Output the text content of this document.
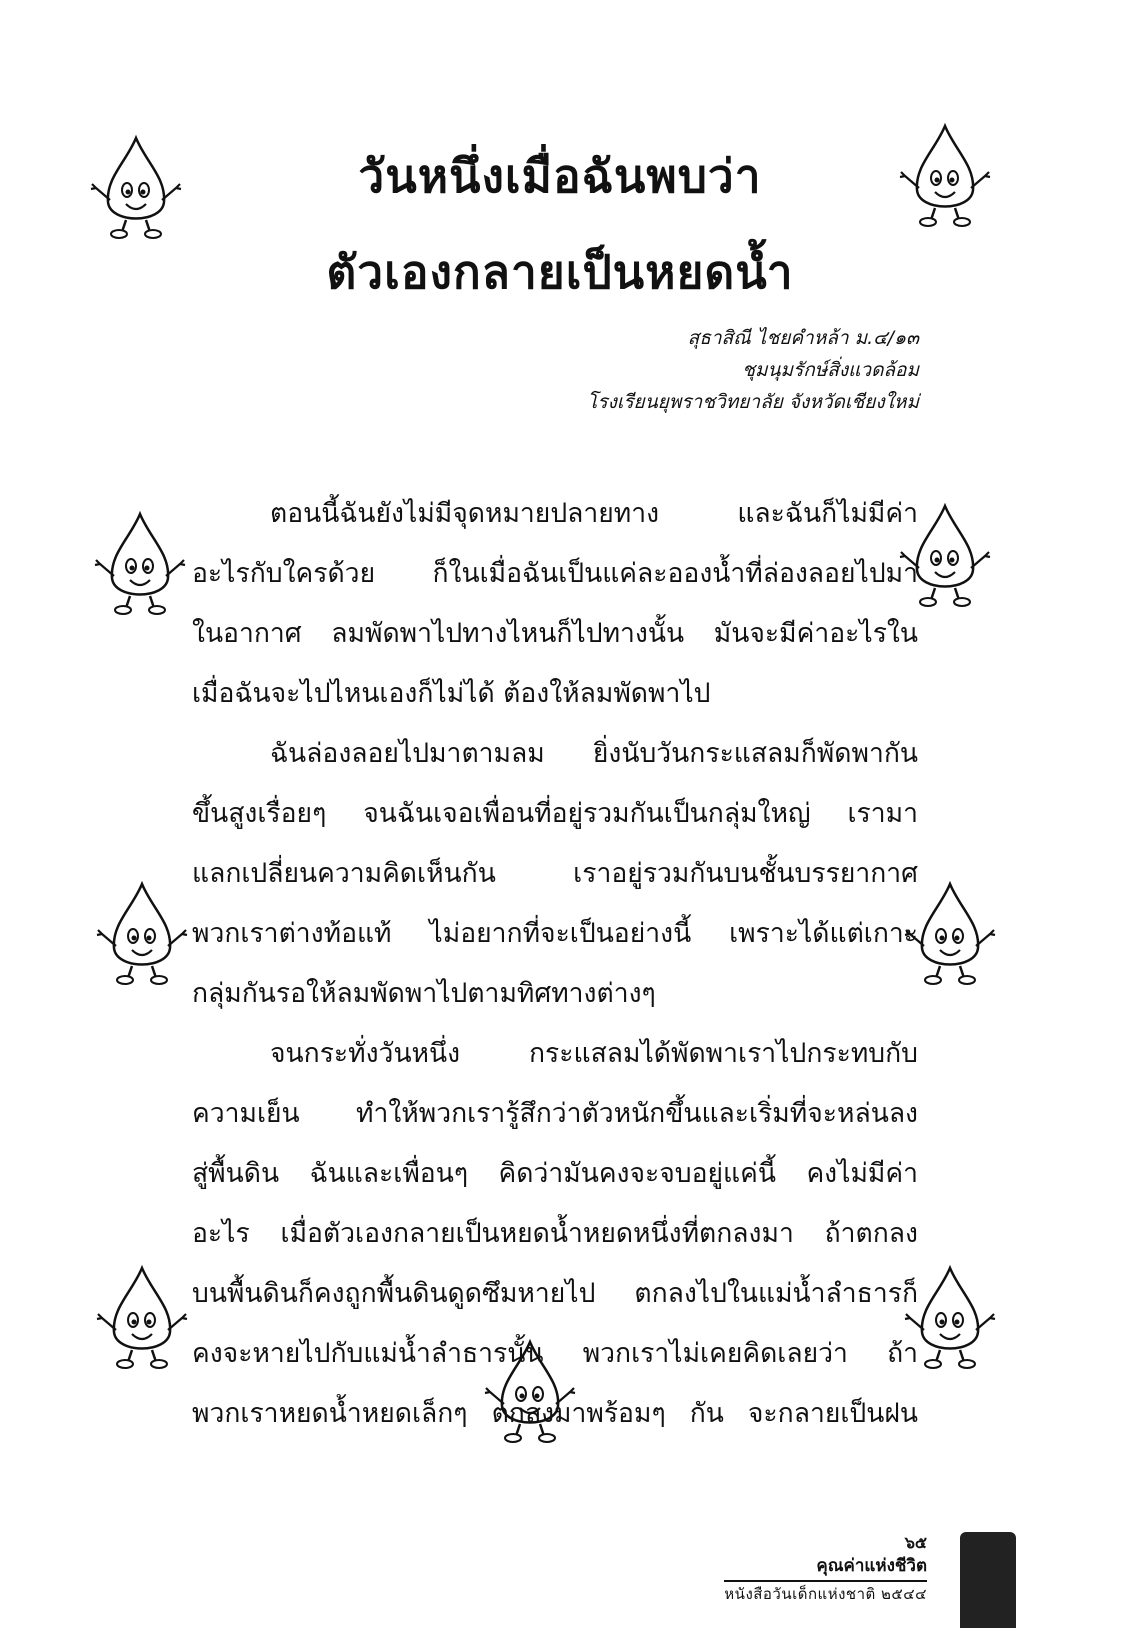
วันหนึ่งเมื่อฉันพบว่า
ตัวเองกลายเป็นหยดน้ำ
สุธาสิณี ไชยคำหล้า ม.๔/๑๓
ชุมนุมรักษ์สิ่งแวดล้อม
โรงเรียนยุพราชวิทยาลัย จังหวัดเชียงใหม่
ตอนนี้ฉันยังไม่มีจุดหมายปลายทาง และฉันก็ไม่มีค่า
อะไรกับใครด้วย ก็ในเมื่อฉันเป็นแค่ละอองน้ำที่ล่องลอยไปมา
ในอากาศ ลมพัดพาไปทางไหนก็ไปทางนั้น มันจะมีค่าอะไรใน
เมื่อฉันจะไปไหนเองก็ไม่ได้ ต้องให้ลมพัดพาไป
ฉันล่องลอยไปมาตามลม ยิ่งนับวันกระแสลมก็พัดพากัน
ขึ้นสูงเรื่อยๆ จนฉันเจอเพื่อนที่อยู่รวมกันเป็นกลุ่มใหญ่ เรามา
แลกเปลี่ยนความคิดเห็นกัน เราอยู่รวมกันบนชั้นบรรยากาศ
พวกเราต่างท้อแท้ ไม่อยากที่จะเป็นอย่างนี้ เพราะได้แต่เกาะ
กลุ่มกันรอให้ลมพัดพาไปตามทิศทางต่างๆ
จนกระทั่งวันหนึ่ง กระแสลมได้พัดพาเราไปกระทบกับ
ความเย็น ทำให้พวกเรารู้สึกว่าตัวหนักขึ้นและเริ่มที่จะหล่นลง
สู่พื้นดิน ฉันและเพื่อนๆ คิดว่ามันคงจะจบอยู่แค่นี้ คงไม่มีค่า
อะไร เมื่อตัวเองกลายเป็นหยดน้ำหยดหนึ่งที่ตกลงมา ถ้าตกลง
บนพื้นดินก็คงถูกพื้นดินดูดซึมหายไป ตกลงไปในแม่น้ำลำธารก็
คงจะหายไปกับแม่น้ำลำธารนั้น พวกเราไม่เคยคิดเลยว่า ถ้า
พวกเราหยดน้ำหยดเล็กๆ ตกลงมาพร้อมๆ กัน จะกลายเป็นฝน
๖๕
คุณค่าแห่งชีวิต
หนังสือวันเด็กแห่งชาติ ๒๕๔๔
